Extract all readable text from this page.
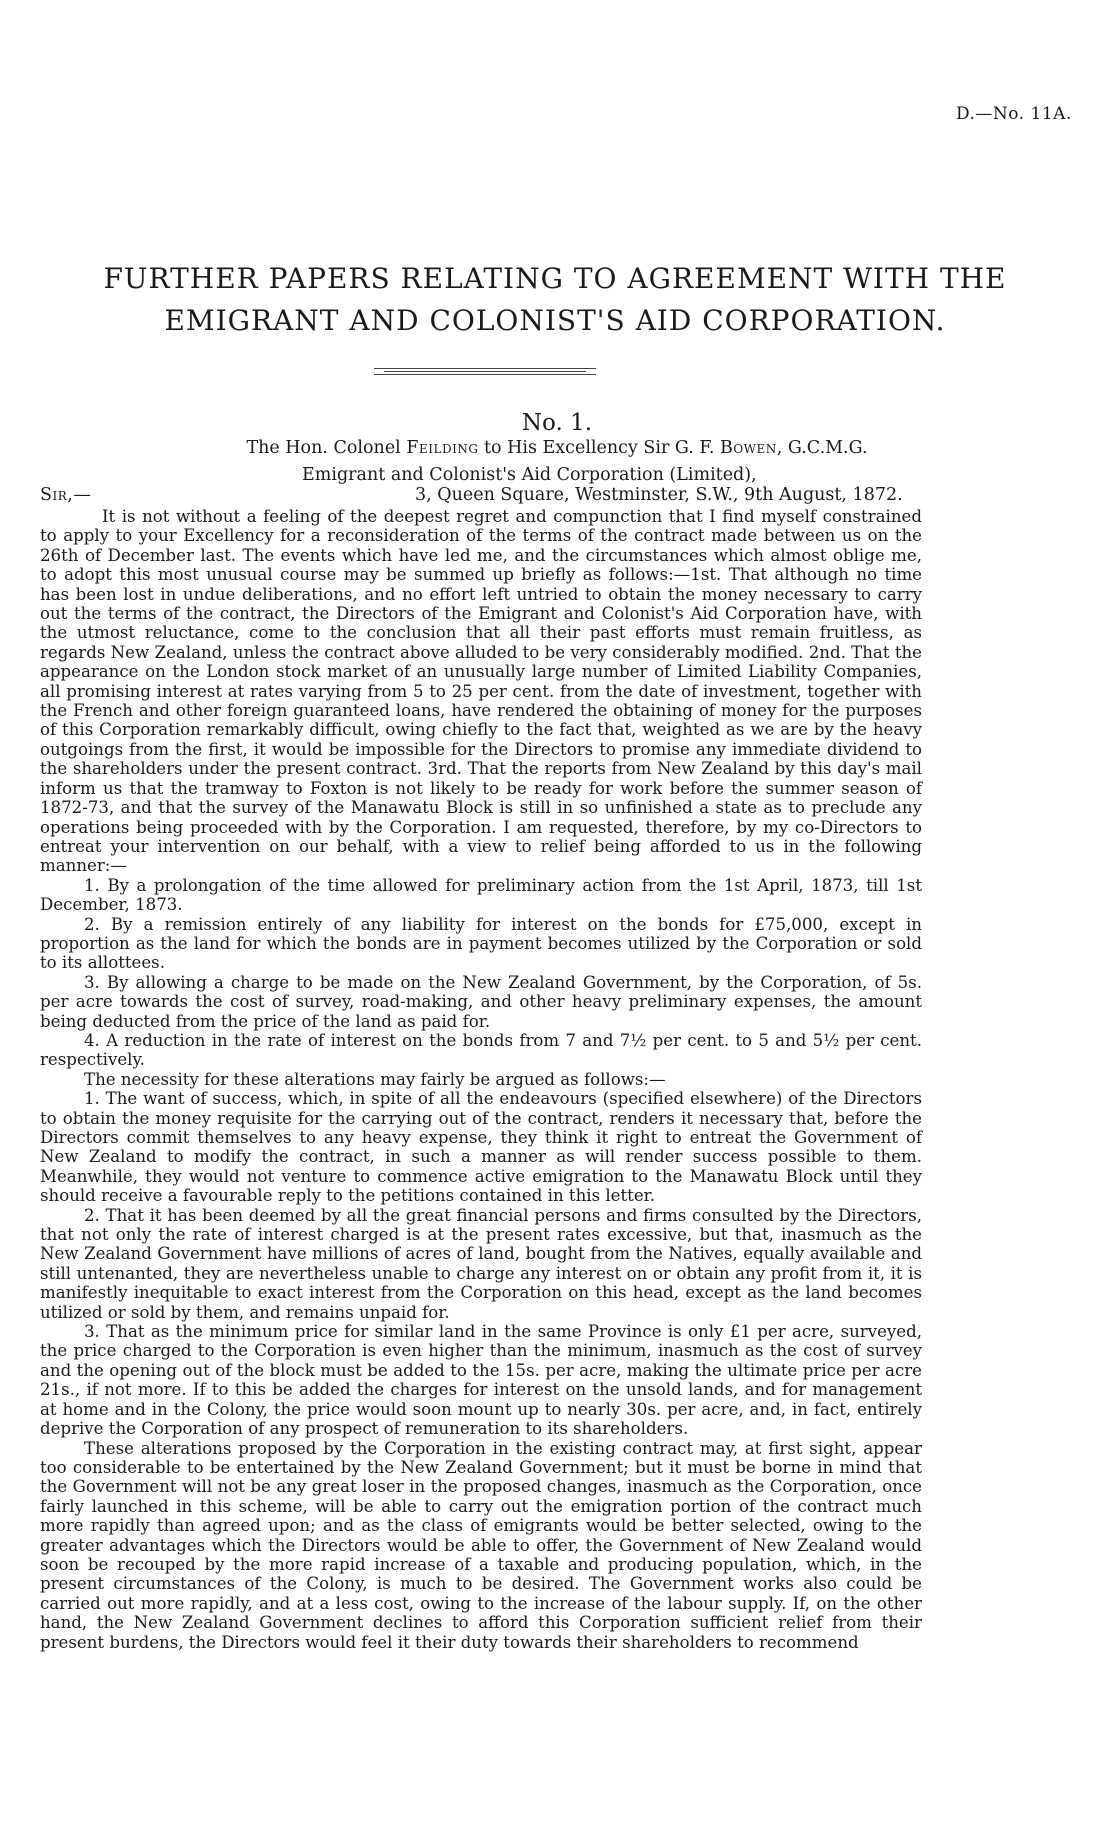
D.—No. 11A.
FURTHER PAPERS RELATING TO AGREEMENT WITH THE
EMIGRANT AND COLONIST'S AID CORPORATION.
No. 1.
The Hon. Colonel Feilding to His Excellency Sir G. F. Bowen, G.C.M.G.
Emigrant and Colonist's Aid Corporation (Limited),
Sir,—	3, Queen Square, Westminster, S.W., 9th August, 1872.

It is not without a feeling of the deepest regret and compunction that I find myself constrained to apply to your Excellency for a reconsideration of the terms of the contract made between us on the 26th of December last. The events which have led me, and the circumstances which almost oblige me, to adopt this most unusual course may be summed up briefly as follows:—1st. That although no time has been lost in undue deliberations, and no effort left untried to obtain the money necessary to carry out the terms of the contract, the Directors of the Emigrant and Colonist's Aid Corporation have, with the utmost reluctance, come to the conclusion that all their past efforts must remain fruitless, as regards New Zealand, unless the contract above alluded to be very considerably modified. 2nd. That the appearance on the London stock market of an unusually large number of Limited Liability Companies, all promising interest at rates varying from 5 to 25 per cent. from the date of investment, together with the French and other foreign guaranteed loans, have rendered the obtaining of money for the purposes of this Corporation remarkably difficult, owing chiefly to the fact that, weighted as we are by the heavy outgoings from the first, it would be impossible for the Directors to promise any immediate dividend to the shareholders under the present contract. 3rd. That the reports from New Zealand by this day's mail inform us that the tramway to Foxton is not likely to be ready for work before the summer season of 1872-73, and that the survey of the Manawatu Block is still in so unfinished a state as to preclude any operations being proceeded with by the Corporation. I am requested, therefore, by my co-Directors to entreat your intervention on our behalf, with a view to relief being afforded to us in the following manner:—

1. By a prolongation of the time allowed for preliminary action from the 1st April, 1873, till 1st December, 1873.

2. By a remission entirely of any liability for interest on the bonds for £75,000, except in proportion as the land for which the bonds are in payment becomes utilized by the Corporation or sold to its allottees.

3. By allowing a charge to be made on the New Zealand Government, by the Corporation, of 5s. per acre towards the cost of survey, road-making, and other heavy preliminary expenses, the amount being deducted from the price of the land as paid for.

4. A reduction in the rate of interest on the bonds from 7 and 7½ per cent. to 5 and 5½ per cent. respectively.

The necessity for these alterations may fairly be argued as follows:—

1. The want of success, which, in spite of all the endeavours (specified elsewhere) of the Directors to obtain the money requisite for the carrying out of the contract, renders it necessary that, before the Directors commit themselves to any heavy expense, they think it right to entreat the Government of New Zealand to modify the contract, in such a manner as will render success possible to them. Meanwhile, they would not venture to commence active emigration to the Manawatu Block until they should receive a favourable reply to the petitions contained in this letter.

2. That it has been deemed by all the great financial persons and firms consulted by the Directors, that not only the rate of interest charged is at the present rates excessive, but that, inasmuch as the New Zealand Government have millions of acres of land, bought from the Natives, equally available and still untenanted, they are nevertheless unable to charge any interest on or obtain any profit from it, it is manifestly inequitable to exact interest from the Corporation on this head, except as the land becomes utilized or sold by them, and remains unpaid for.

3. That as the minimum price for similar land in the same Province is only £1 per acre, surveyed, the price charged to the Corporation is even higher than the minimum, inasmuch as the cost of survey and the opening out of the block must be added to the 15s. per acre, making the ultimate price per acre 21s., if not more. If to this be added the charges for interest on the unsold lands, and for management at home and in the Colony, the price would soon mount up to nearly 30s. per acre, and, in fact, entirely deprive the Corporation of any prospect of remuneration to its shareholders.

These alterations proposed by the Corporation in the existing contract may, at first sight, appear too considerable to be entertained by the New Zealand Government; but it must be borne in mind that the Government will not be any great loser in the proposed changes, inasmuch as the Corporation, once fairly launched in this scheme, will be able to carry out the emigration portion of the contract much more rapidly than agreed upon; and as the class of emigrants would be better selected, owing to the greater advantages which the Directors would be able to offer, the Government of New Zealand would soon be recouped by the more rapid increase of a taxable and producing population, which, in the present circumstances of the Colony, is much to be desired. The Government works also could be carried out more rapidly, and at a less cost, owing to the increase of the labour supply. If, on the other hand, the New Zealand Government declines to afford this Corporation sufficient relief from their present burdens, the Directors would feel it their duty towards their shareholders to recommend
